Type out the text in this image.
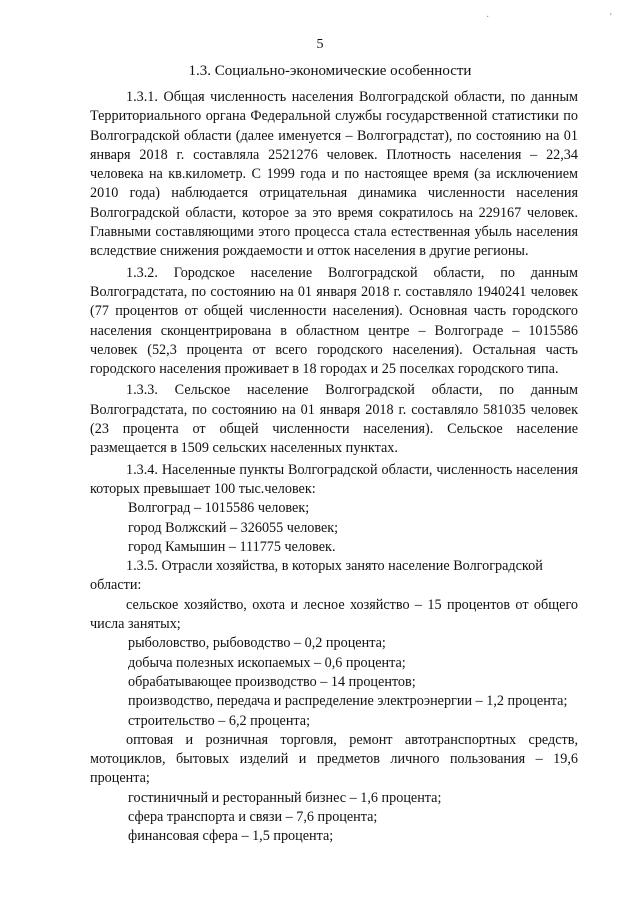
·	'
5
1.3. Социально-экономические особенности

1.3.1. Общая численность населения Волгоградской области, по данным Территориального органа Федеральной службы государственной статистики по Волгоградской области (далее именуется – Волгоградстат), по состоянию на 01 января 2018 г. составляла 2521276 человек. Плотность населения – 22,34 человека на кв.километр. С 1999 года и по настоящее время (за исключением 2010 года) наблюдается отрицательная динамика численности населения Волгоградской области, которое за это время сократилось на 229167 человек. Главными составляющими этого процесса стала естественная убыль населения вследствие снижения рождаемости и отток населения в другие регионы.

1.3.2. Городское население Волгоградской области, по данным Волгоградстата, по состоянию на 01 января 2018 г. составляло 1940241 человек (77 процентов от общей численности населения). Основная часть городского населения сконцентрирована в областном центре – Волгограде – 1015586 человек (52,3 процента от всего городского населения). Остальная часть городского населения проживает в 18 городах и 25 поселках городского типа.

1.3.3. Сельское население Волгоградской области, по данным Волгоградстата, по состоянию на 01 января 2018 г. составляло 581035 человек (23 процента от общей численности населения). Сельское население размещается в 1509 сельских населенных пунктах.

1.3.4. Населенные пункты Волгоградской области, численность населения которых превышает 100 тыс.человек:

Волгоград – 1015586 человек;

город Волжский – 326055 человек;

город Камышин – 111775 человек.

1.3.5. Отрасли хозяйства, в которых занято население Волгоградской области:

сельское хозяйство, охота и лесное хозяйство – 15 процентов от общего числа занятых;

рыболовство, рыбоводство – 0,2 процента;

добыча полезных ископаемых – 0,6 процента;

обрабатывающее производство – 14 процентов;

производство, передача и распределение электроэнергии – 1,2 процента;

строительство – 6,2 процента;

оптовая и розничная торговля, ремонт автотранспортных средств, мотоциклов, бытовых изделий и предметов личного пользования – 19,6 процента;

гостиничный и ресторанный бизнес – 1,6 процента;

сфера транспорта и связи – 7,6 процента;

финансовая сфера – 1,5 процента;
